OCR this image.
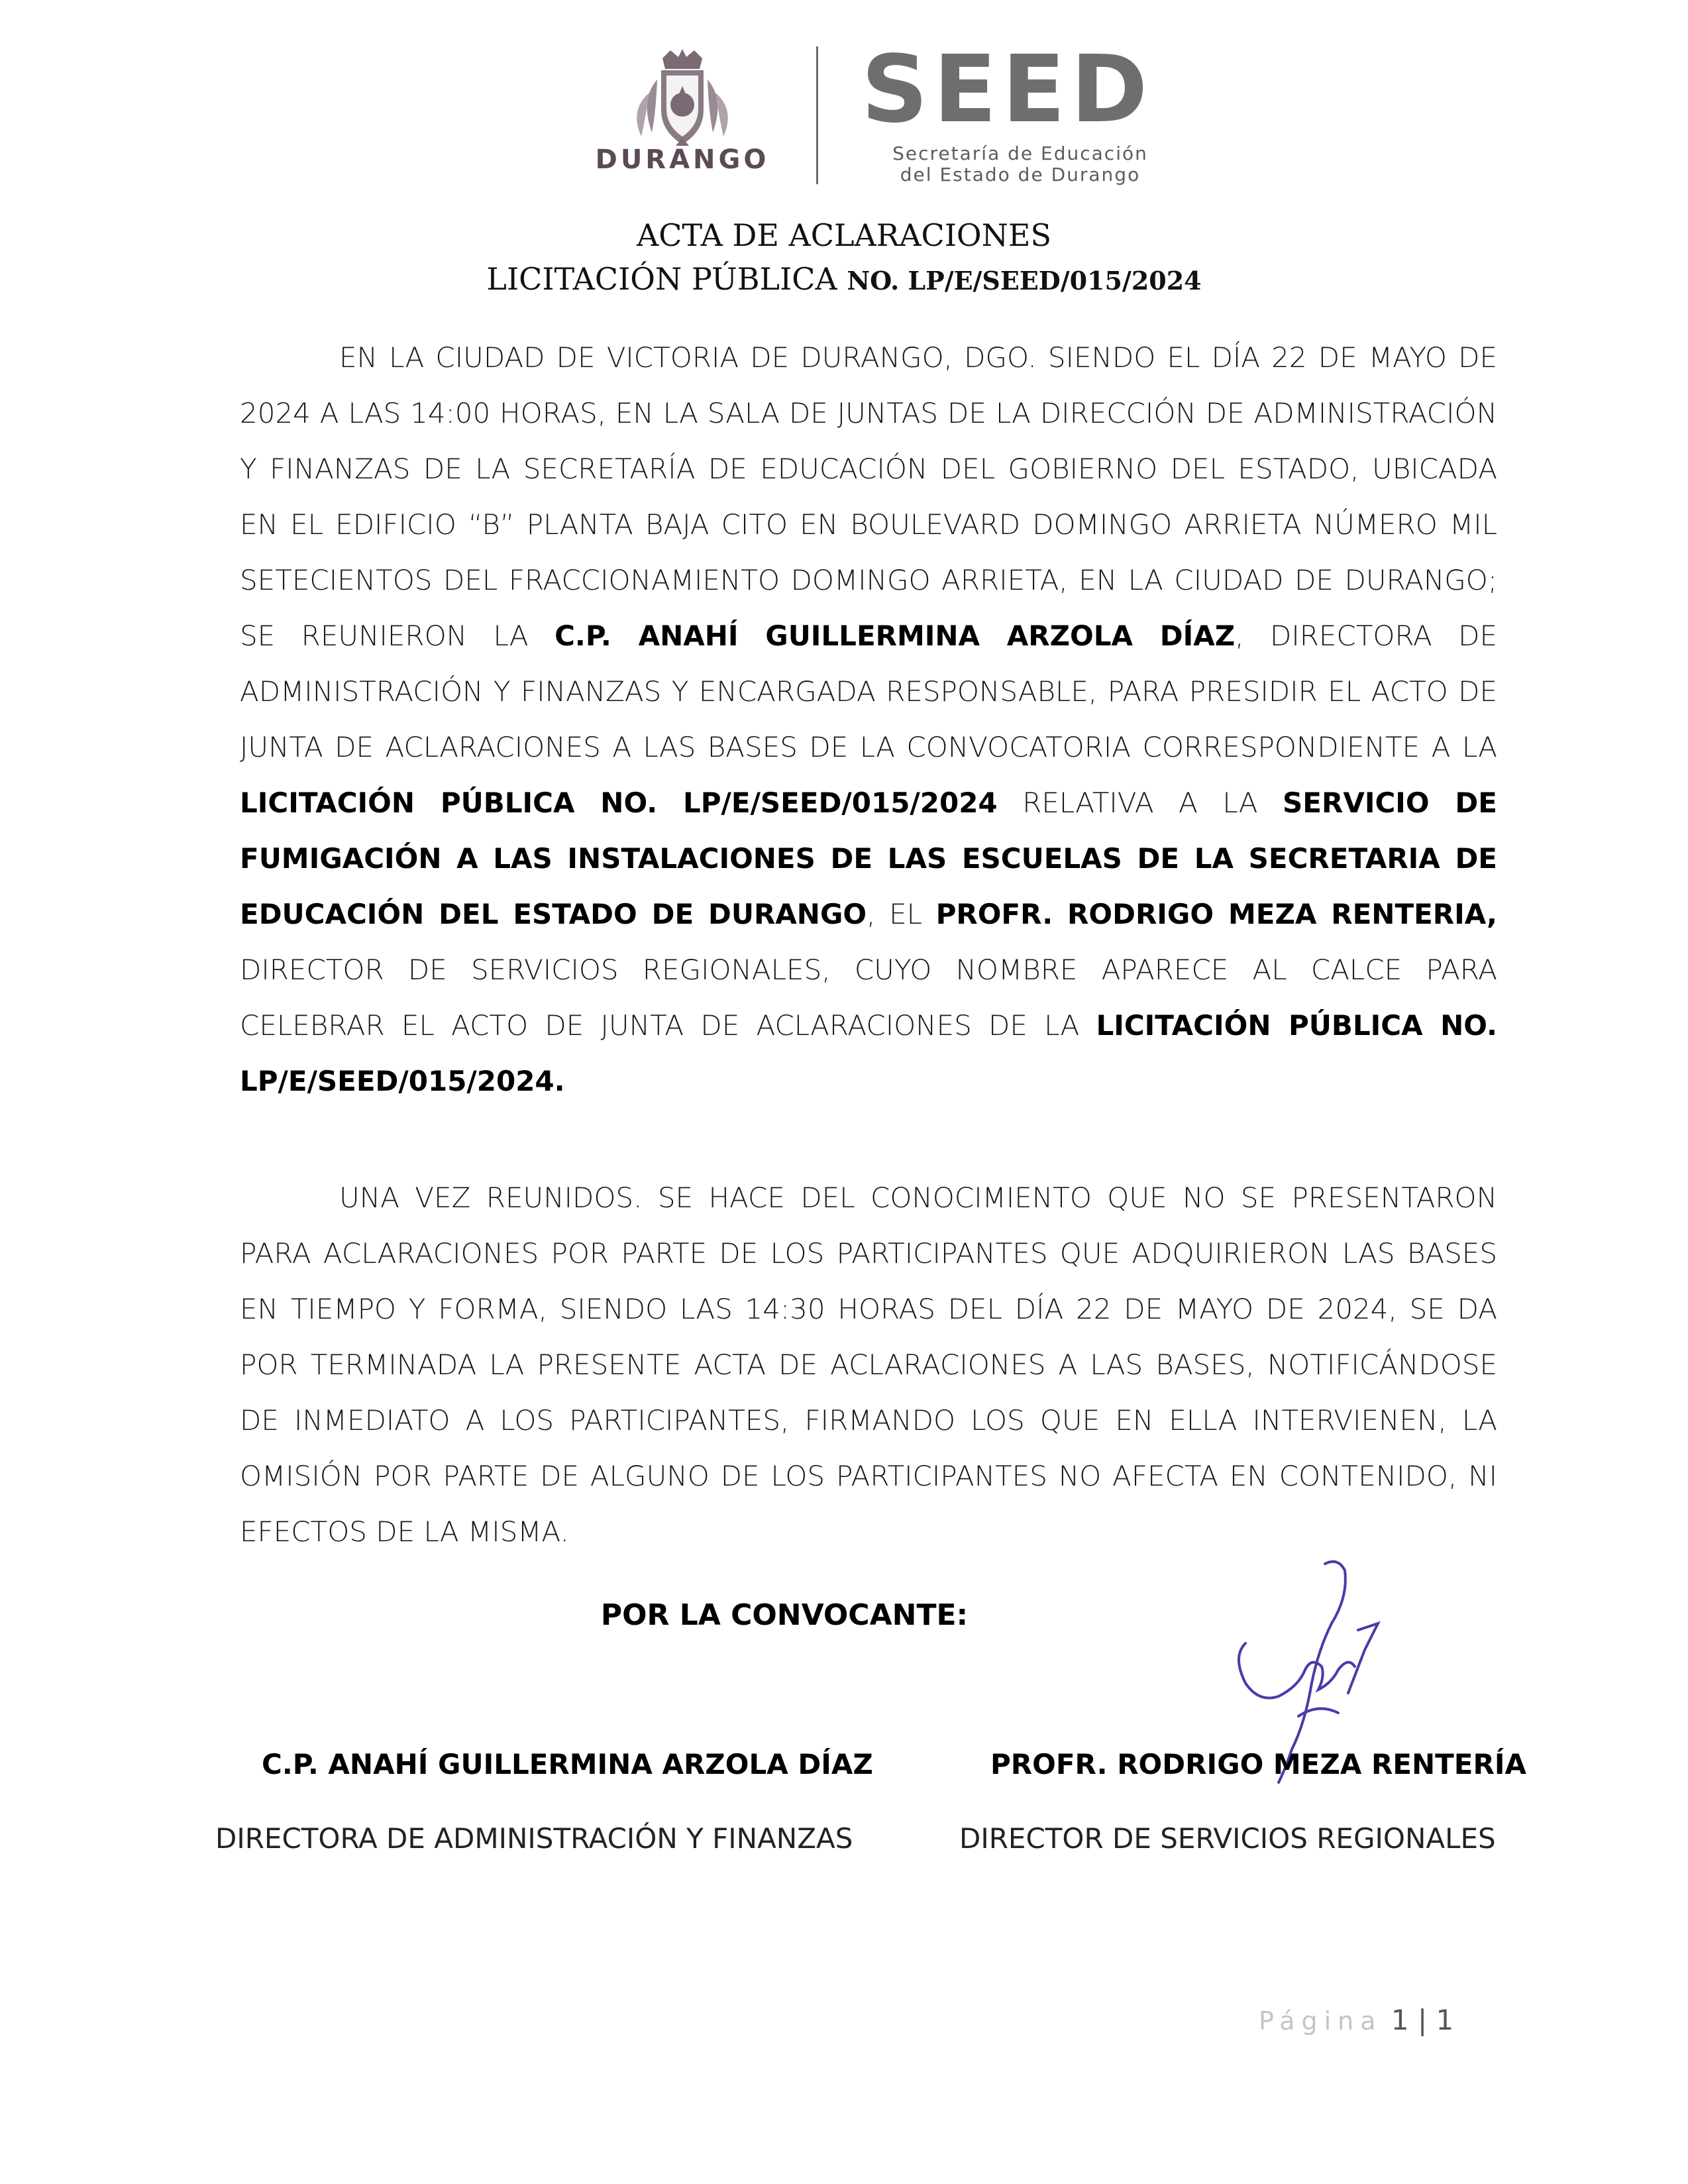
DURANGO
SEED
Secretaría de Educación
del Estado de Durango
ACTA DE ACLARACIONES
LICITACIÓN PÚBLICA NO. LP/E/SEED/015/2024
EN LA CIUDAD DE VICTORIA DE DURANGO, DGO. SIENDO EL DÍA 22 DE MAYO DE 2024 A LAS 14:00 HORAS, EN LA SALA DE JUNTAS DE LA DIRECCIÓN DE ADMINISTRACIÓN Y FINANZAS DE LA SECRETARÍA DE EDUCACIÓN DEL GOBIERNO DEL ESTADO, UBICADA EN EL EDIFICIO “B” PLANTA BAJA CITO EN BOULEVARD DOMINGO ARRIETA NÚMERO MIL SETECIENTOS DEL FRACCIONAMIENTO DOMINGO ARRIETA, EN LA CIUDAD DE DURANGO; SE REUNIERON LA C.P. ANAHÍ GUILLERMINA ARZOLA DÍAZ, DIRECTORA DE ADMINISTRACIÓN Y FINANZAS Y ENCARGADA RESPONSABLE, PARA PRESIDIR EL ACTO DE JUNTA DE ACLARACIONES A LAS BASES DE LA CONVOCATORIA CORRESPONDIENTE A LA LICITACIÓN PÚBLICA NO. LP/E/SEED/015/2024 RELATIVA A LA SERVICIO DE FUMIGACIÓN A LAS INSTALACIONES DE LAS ESCUELAS DE LA SECRETARIA DE EDUCACIÓN DEL ESTADO DE DURANGO, EL PROFR. RODRIGO MEZA RENTERIA, DIRECTOR DE SERVICIOS REGIONALES, CUYO NOMBRE APARECE AL CALCE PARA CELEBRAR EL ACTO DE JUNTA DE ACLARACIONES DE LA LICITACIÓN PÚBLICA NO. LP/E/SEED/015/2024.
UNA VEZ REUNIDOS. SE HACE DEL CONOCIMIENTO QUE NO SE PRESENTARON PARA ACLARACIONES POR PARTE DE LOS PARTICIPANTES QUE ADQUIRIERON LAS BASES EN TIEMPO Y FORMA, SIENDO LAS 14:30 HORAS DEL DÍA 22 DE MAYO DE 2024, SE DA POR TERMINADA LA PRESENTE ACTA DE ACLARACIONES A LAS BASES, NOTIFICÁNDOSE DE INMEDIATO A LOS PARTICIPANTES, FIRMANDO LOS QUE EN ELLA INTERVIENEN, LA OMISIÓN POR PARTE DE ALGUNO DE LOS PARTICIPANTES NO AFECTA EN CONTENIDO, NI EFECTOS DE LA MISMA.
POR LA CONVOCANTE:
C.P. ANAHÍ GUILLERMINA ARZOLA DÍAZ
DIRECTORA DE ADMINISTRACIÓN Y FINANZAS
PROFR. RODRIGO MEZA RENTERÍA
DIRECTOR DE SERVICIOS REGIONALES
Página 1 | 1
